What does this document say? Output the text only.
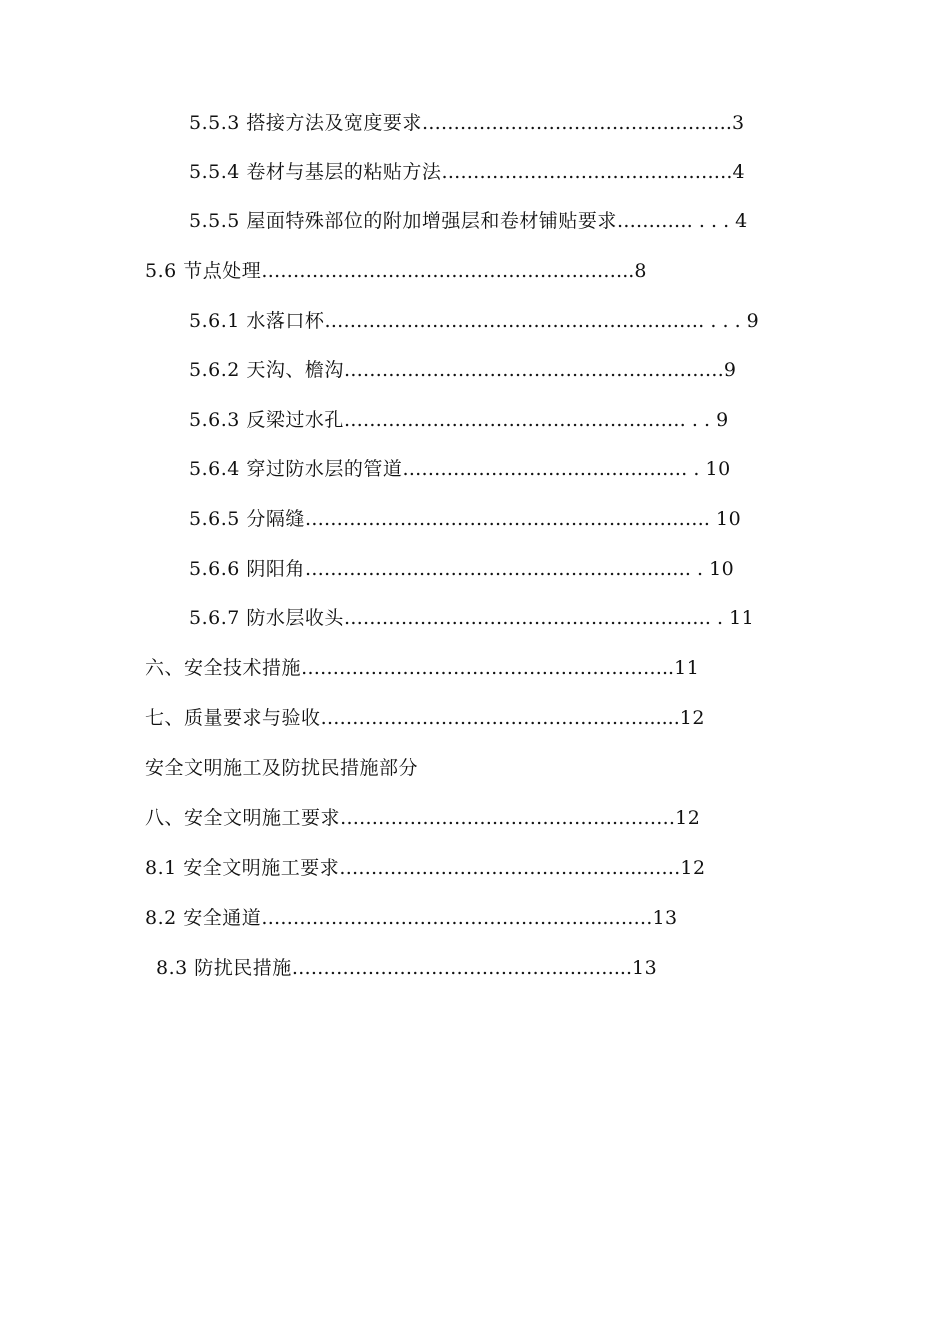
5.5.3 搭接方法及宽度要求………………………………………….3
5.5.4 卷材与基层的粘贴方法……………………………………….4
5.5.5 屋面特殊部位的附加增强层和卷材铺贴要求………… . . . 4
5.6 节点处理…………………………………………………..8
5.6.1 水落口杯…………………………………………………… . . . 9
5.6.2 天沟、檐沟……………………………………………………9
5.6.3 反梁过水孔……………………………………………… . . 9
5.6.4 穿过防水层的管道……………………………………… . 10
5.6.5 分隔缝………………………………………………………. 10
5.6.6 阴阳角……………………………………………………. . 10
5.6.7 防水层收头…………………………………………………. . 11
六、安全技术措施…………………………………………………..11
七、质量要求与验收……………………………………………......12
安全文明施工及防扰民措施部分
八、安全文明施工要求…………………….……………….………12
8.1 安全文明施工要求………………………………………...……12
8.2 安全通道…………………………………………….....……13
8.3 防扰民措施……………………………………...……...13
